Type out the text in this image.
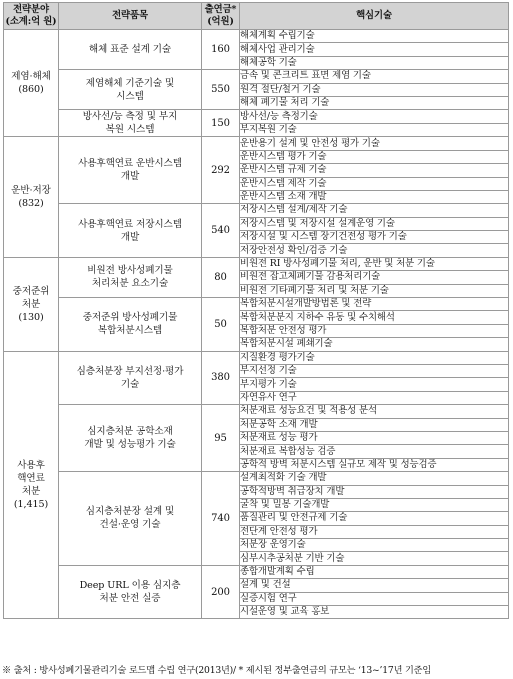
전략분야
(소계:억 원)	전략품목	출연금*
(억원)	핵심기술

제염·해체
(860)	해체 표준 설계 기술	160	해체계획 수립기술
			해체사업 관리기술
			해체공학 기술

	제염해체 기준기술 및
시스템	550	금속 및 콘크리트 표면 제염 기술
			원격 절단/철거 기술
			해체 폐기물 처리 기술

	방사선/능 측정 및 부지
복원 시스템	150	방사선/능 측정기술
			부지복원 기술

운반·저장
(832)	사용후핵연료 운반시스템
개발	292	운반용기 설계 및 안전성 평가 기술
			운반시스템 평가 기술
			운반시스템 규제 기술
			운반시스템 제작 기술
			운반시스템 소재 개발

	사용후핵연료 저장시스템
개발	540	저장시스템 설계/제작 기술
			저장시스템 및 저장시설 설계운영 기술
			저장시설 및 시스템 장기건전성 평가 기술
			저장안전성 확인/검증 기술

중저준위
처분
(130)	비원전 방사성폐기물
처리처분 요소기술	80	비원전 RI 방사성폐기물 처리, 운반 및 처분 기술
			비원전 잡고체폐기물 감용처리기술
			비원전 기타폐기물 처리 및 처분 기술

	중저준위 방사성폐기물
복합처분시스템	50	복합처분시설개발방법론 및 전략
			복합처분분지 지하수 유동 및 수치해석
			복합처분 안전성 평가
			복합처분시설 폐쇄기술

사용후
핵연료
처분
(1,415)	심층처분장 부지선정·평가
기술	380	지질환경 평가기술
			부지선정 기술
			부지평가 기술
			자연유사 연구

	심지층처분 공학소재
개발 및 성능평가 기술	95	처분재료 성능요건 및 적용성 분석
			처분공학 소재 개발
			처분재료 성능 평가
			처분재료 복합성능 검증
			공학적 방벽 처분시스템 실규모 제작 및 성능검증

	심지층처분장 설계 및
건설·운영 기술	740	설계최적화 기술 개발
			공학적방벽 취급장치 개발
			굴착 및 밀봉 기술개발
			품질관리 및 안전규제 기술
			전단계 안전성 평가
			처분장 운영기술
			심부시추공처분 기반 기술

	Deep URL 이용 심지층
처분 안전 실증	200	종합개발계획 수립
			설계 및 건설
			실증시험 연구
			시설운영 및 교육 홍보
※ 출처 : 방사성폐기물관리기술 로드맵 수립 연구(2013년)/ * 제시된 정부출연금의 규모는 ‘13~’17년 기준임
